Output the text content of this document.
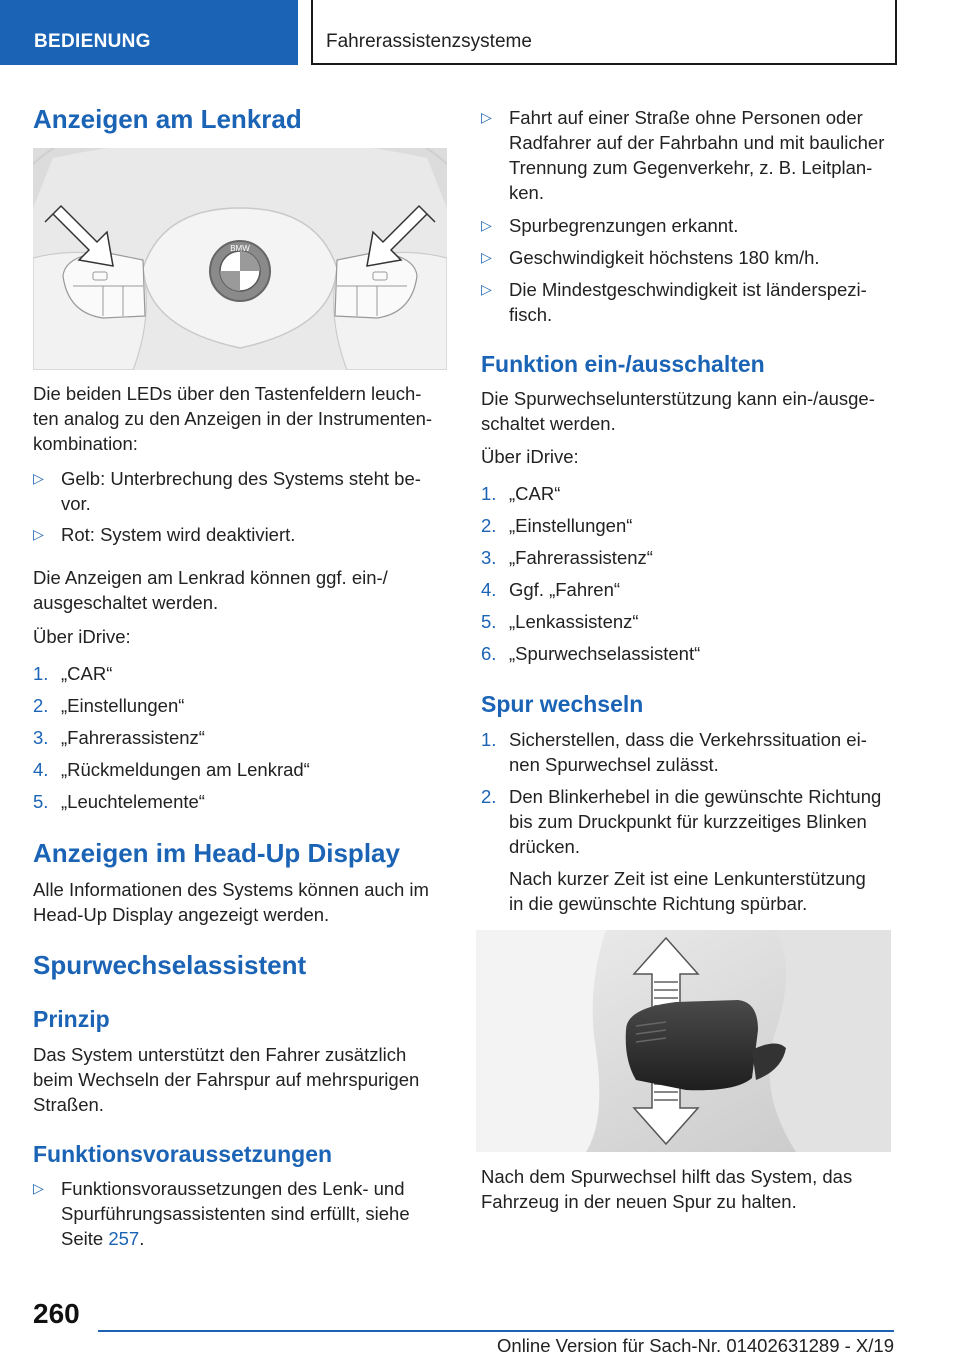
BEDIENUNG	Fahrerassistenzsysteme
Anzeigen am Lenkrad
BMW
Die beiden LEDs über den Tastenfeldern leuch-
ten analog zu den Anzeigen in der Instrumenten-
kombination:
▷ Gelb: Unterbrechung des Systems steht be-
vor.
▷ Rot: System wird deaktiviert.
Die Anzeigen am Lenkrad können ggf. ein-/
ausgeschaltet werden.
Über iDrive:
1. „CAR“
2. „Einstellungen“
3. „Fahrerassistenz“
4. „Rückmeldungen am Lenkrad“
5. „Leuchtelemente“
Anzeigen im Head-Up Display
Alle Informationen des Systems können auch im
Head-Up Display angezeigt werden.
Spurwechselassistent
Prinzip
Das System unterstützt den Fahrer zusätzlich
beim Wechseln der Fahrspur auf mehrspurigen
Straßen.
Funktionsvoraussetzungen
▷ Funktionsvoraussetzungen des Lenk- und
Spurführungsassistenten sind erfüllt, siehe
Seite 257.
▷ Fahrt auf einer Straße ohne Personen oder
Radfahrer auf der Fahrbahn und mit baulicher
Trennung zum Gegenverkehr, z. B. Leitplan-
ken.
▷ Spurbegrenzungen erkannt.
▷ Geschwindigkeit höchstens 180 km/h.
▷ Die Mindestgeschwindigkeit ist länderspezi-
fisch.
Funktion ein-/ausschalten
Die Spurwechselunterstützung kann ein-/ausge-
schaltet werden.
Über iDrive:
1. „CAR“
2. „Einstellungen“
3. „Fahrerassistenz“
4. Ggf. „Fahren“
5. „Lenkassistenz“
6. „Spurwechselassistent“
Spur wechseln
1. Sicherstellen, dass die Verkehrssituation ei-
nen Spurwechsel zulässt.
2. Den Blinkerhebel in die gewünschte Richtung
bis zum Druckpunkt für kurzzeitiges Blinken
drücken.
Nach kurzer Zeit ist eine Lenkunterstützung
in die gewünschte Richtung spürbar.
Nach dem Spurwechsel hilft das System, das
Fahrzeug in der neuen Spur zu halten.
260
Online Version für Sach-Nr. 01402631289 - X/19
